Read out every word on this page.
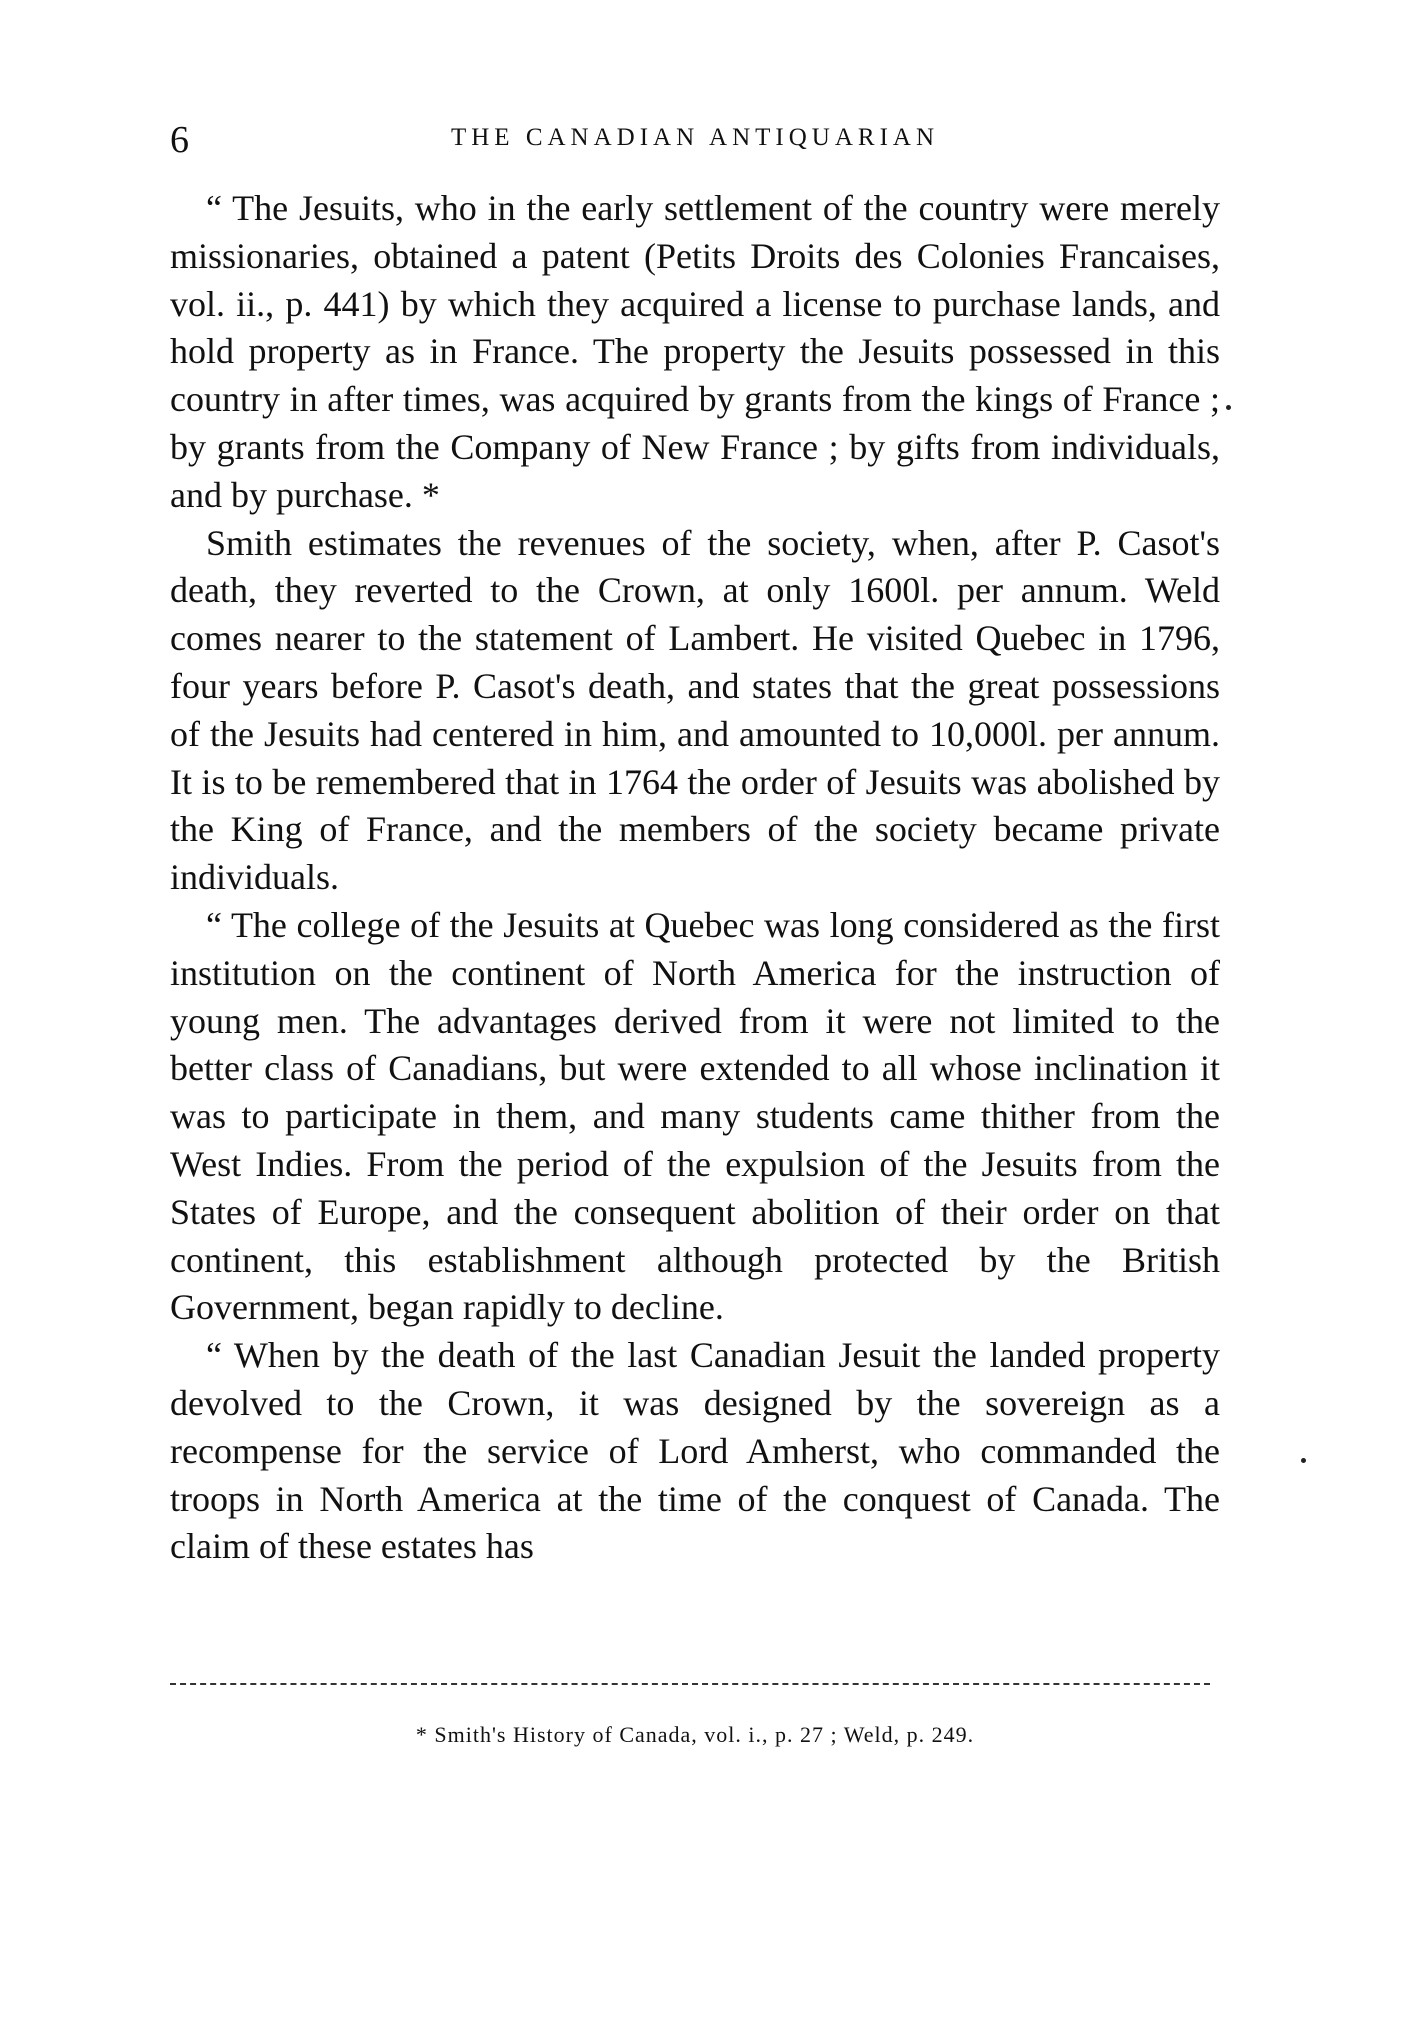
6	THE CANADIAN ANTIQUARIAN

“ The Jesuits, who in the early settlement of the country were merely missionaries, obtained a patent (Petits Droits des Colonies Francaises, vol. ii., p. 441) by which they acquired a license to purchase lands, and hold property as in France. The property the Jesuits possessed in this country in after times, was acquired by grants from the kings of France ; by grants from the Company of New France ; by gifts from individuals, and by purchase. *

Smith estimates the revenues of the society, when, after P. Casot's death, they reverted to the Crown, at only 1600l. per annum. Weld comes nearer to the statement of Lambert. He visited Quebec in 1796, four years before P. Casot's death, and states that the great possessions of the Jesuits had centered in him, and amounted to 10,000l. per annum. It is to be remembered that in 1764 the order of Jesuits was abolished by the King of France, and the members of the society became private individuals.

“ The college of the Jesuits at Quebec was long considered as the first institution on the continent of North America for the instruction of young men. The advantages derived from it were not limited to the better class of Canadians, but were extended to all whose inclination it was to participate in them, and many students came thither from the West Indies. From the period of the expulsion of the Jesuits from the States of Europe, and the consequent abolition of their order on that continent, this establishment although protected by the British Government, began rapidly to decline.

“ When by the death of the last Canadian Jesuit the landed property devolved to the Crown, it was designed by the sovereign as a recompense for the service of Lord Amherst, who commanded the troops in North America at the time of the conquest of Canada. The claim of these estates has

* Smith's History of Canada, vol. i., p. 27 ; Weld, p. 249.
